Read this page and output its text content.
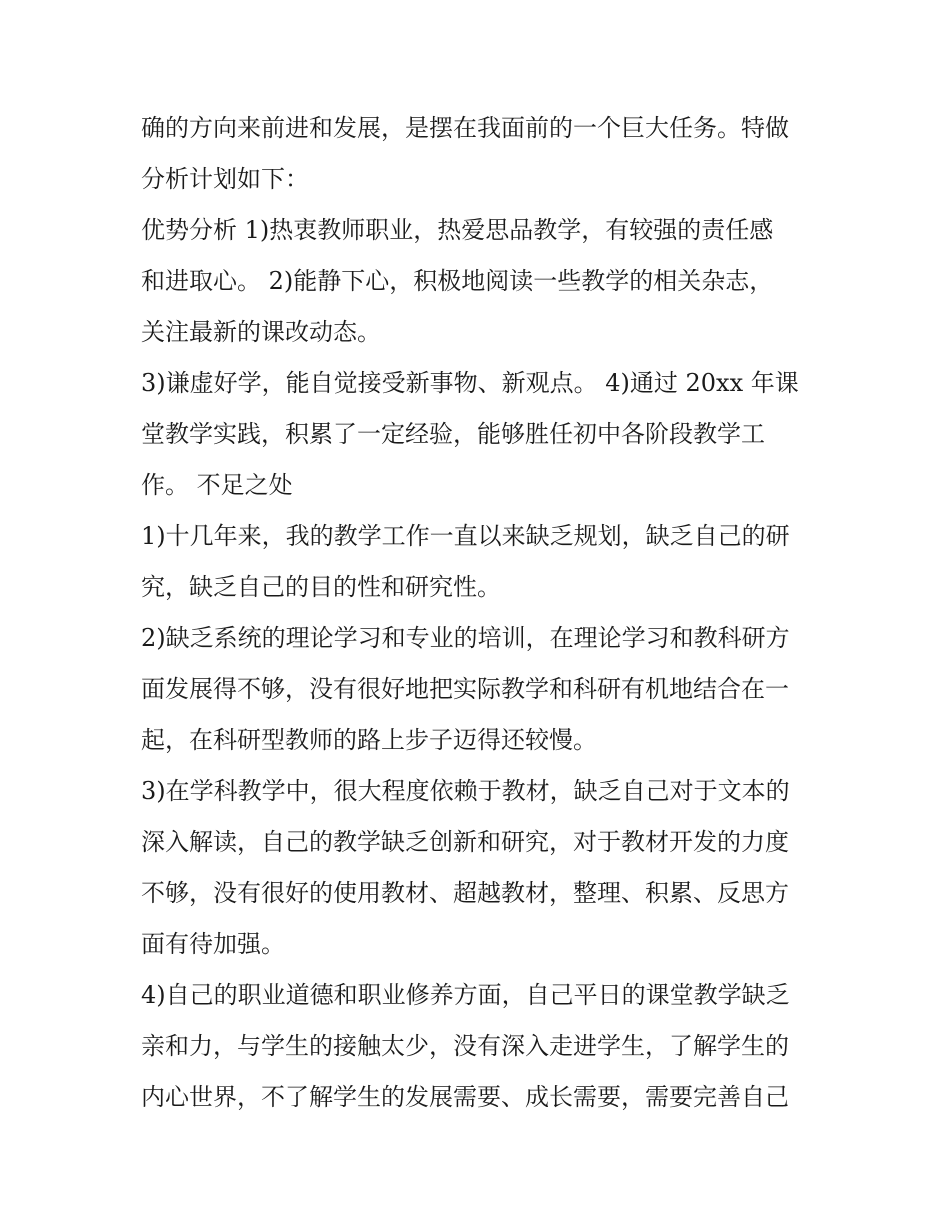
确的方向来前进和发展，是摆在我面前的一个巨大任务。特做
分析计划如下：
优势分析 1)热衷教师职业，热爱思品教学，有较强的责任感
和进取心。 2)能静下心，积极地阅读一些教学的相关杂志，
关注最新的课改动态。
3)谦虚好学，能自觉接受新事物、新观点。 4)通过 20xx 年课
堂教学实践，积累了一定经验，能够胜任初中各阶段教学工
作。 不足之处
1)十几年来，我的教学工作一直以来缺乏规划，缺乏自己的研
究，缺乏自己的目的性和研究性。
2)缺乏系统的理论学习和专业的培训，在理论学习和教科研方
面发展得不够，没有很好地把实际教学和科研有机地结合在一
起，在科研型教师的路上步子迈得还较慢。
3)在学科教学中，很大程度依赖于教材，缺乏自己对于文本的
深入解读，自己的教学缺乏创新和研究，对于教材开发的力度
不够，没有很好的使用教材、超越教材，整理、积累、反思方
面有待加强。
4)自己的职业道德和职业修养方面，自己平日的课堂教学缺乏
亲和力，与学生的接触太少，没有深入走进学生，了解学生的
内心世界，不了解学生的发展需要、成长需要，需要完善自己
